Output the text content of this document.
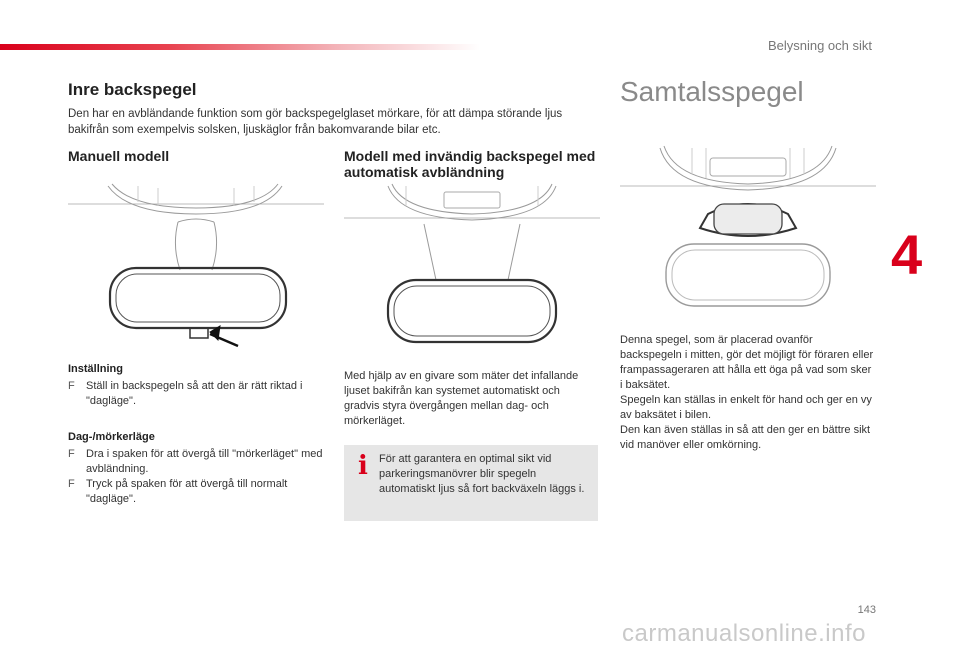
Belysning och sikt
4
Inre backspegel

Den har en avbländande funktion som gör backspegelglaset mörkare, för att dämpa störande ljus bakifrån som exempelvis solsken, ljuskäglor från bakomvarande bilar etc.

Manuell modell	Modell med invändig backspegel med automatisk avbländning
Samtalsspegel

Inställning

F	Ställ in backspegeln så att den är rätt riktad i "dagläge".

Dag-/mörkerläge

F	Dra i spaken för att övergå till "mörkerläget" med avbländning.
F	Tryck på spaken för att övergå till normalt "dagläge".
Med hjälp av en givare som mäter det infallande ljuset bakifrån kan systemet automatiskt och gradvis styra övergången mellan dag- och mörkerläget.
i För att garantera en optimal sikt vid parkeringsmanövrer blir spegeln automatiskt ljus så fort backväxeln läggs i.

Denna spegel, som är placerad ovanför backspegeln i mitten, gör det möjligt för föraren eller frampassageraren att hålla ett öga på vad som sker i baksätet.

Spegeln kan ställas in enkelt för hand och ger en vy av baksätet i bilen.

Den kan även ställas in så att den ger en bättre sikt vid manöver eller omkörning.

143
carmanualsonline.info
